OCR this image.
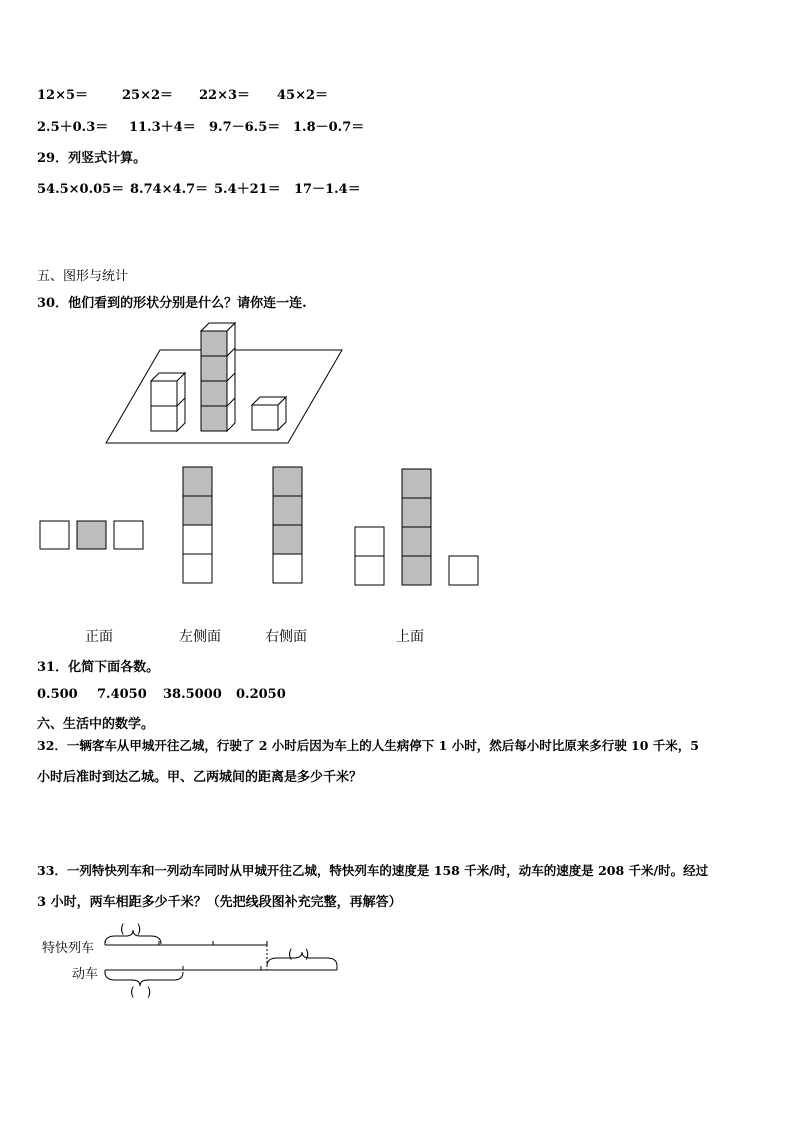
12×5＝	25×2＝ 22×3＝ 45×2＝
2.5＋0.3＝ 11.3＋4＝ 9.7－6.5＝ 1.8－0.7＝
29．列竖式计算。
54.5×0.05＝ 8.74×4.7＝ 5.4＋21＝ 17－1.4＝
五、图形与统计
30．他们看到的形状分别是什么？请你连一连.
正面	左侧面	右侧面	上面
31．化简下面各数。
0.500 7.4050 38.5000 0.2050
六、生活中的数学。
32．一辆客车从甲城开往乙城，行驶了 2 小时后因为车上的人生病停下 1 小时，然后每小时比原来多行驶 10 千米，5
小时后准时到达乙城。甲、乙两城间的距离是多少千米？
33．一列特快列车和一列动车同时从甲城开往乙城，特快列车的速度是 158 千米/时，动车的速度是 208 千米/时。经过
3 小时，两车相距多少千米？（先把线段图补充完整，再解答）
特快列车
动车
(　)
(　)
(　)
